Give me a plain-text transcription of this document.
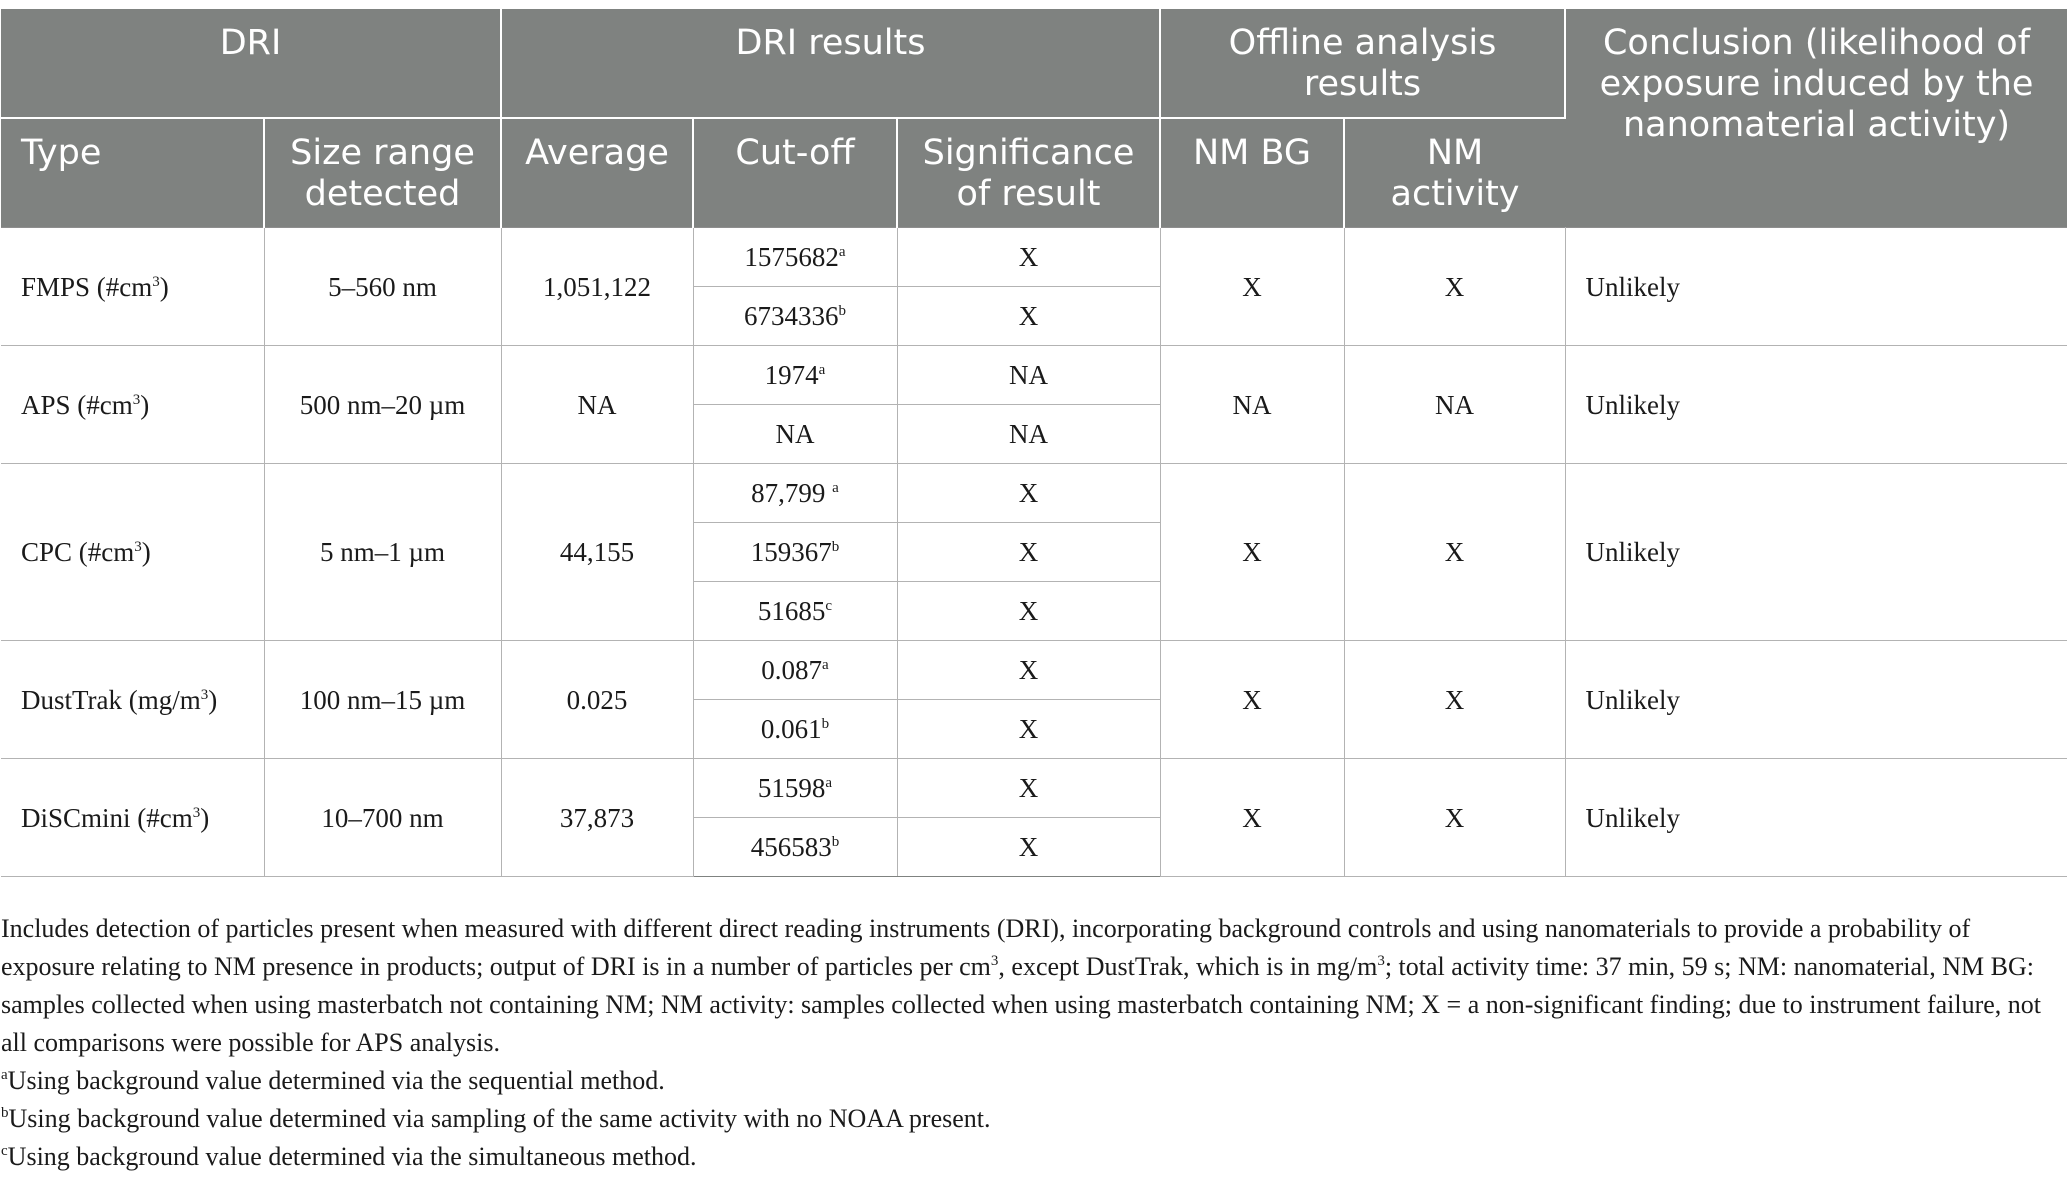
DRI		DRI results			Offline analysis results		Conclusion (likelihood of exposure induced by the nanomaterial activity)
Type	Size range detected	Average	Cut-off	Significance of result	NM BG	NM activity	
FMPS $(\#cm^3)$	5–560 nm	1,051,122	1575682$^a$	X	X	X	Unlikely
			6734336$^b$	X			
APS $(\#cm^3)$	500 nm–20 µm	NA	1974$^a$	NA	NA	NA	Unlikely
			NA	NA			
CPC $(\#cm^3)$	5 nm–1 µm	44,155	87,799 $^a$	X	X	X	Unlikely
			159367$^b$	X			
			51685$^c$	X			
DustTrak $(mg/m^3)$	100 nm–15 µm	0.025	0.087$^a$	X	X	X	Unlikely
			0.061$^b$	X			
DiSCmini $(\#cm^3)$	10–700 nm	37,873	51598$^a$	X	X	X	Unlikely
			456583$^b$	X			

Includes detection of particles present when measured with different direct reading instruments (DRI), incorporating background controls and using nanomaterials to provide a probability of exposure relating to NM presence in products; output of DRI is in a number of particles per $cm^3$, except DustTrak, which is in $mg/m^3$; total activity time: 37 min, 59 s; NM: nanomaterial, NM BG: samples collected when using masterbatch not containing NM; NM activity: samples collected when using masterbatch containing NM; X = a non-significant finding; due to instrument failure, not all comparisons were possible for APS analysis.

$^a$Using background value determined via the sequential method.

$^b$Using background value determined via sampling of the same activity with no NOAA present.

$^c$Using background value determined via the simultaneous method.
